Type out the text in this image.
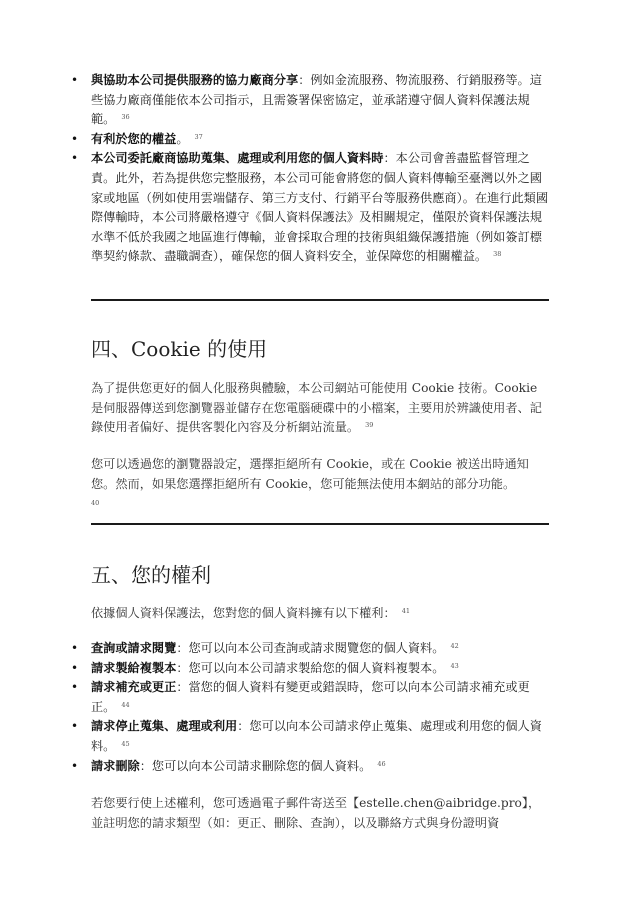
• 與協助本公司提供服務的協力廠商分享：例如金流服務、物流服務、行銷服務等。這些協力廠商僅能依本公司指示，且需簽署保密協定，並承諾遵守個人資料保護法規範。 $^{36}$
• 有利於您的權益。 $^{37}$
• 本公司委託廠商協助蒐集、處理或利用您的個人資料時：本公司會善盡監督管理之責。此外，若為提供您完整服務，本公司可能會將您的個人資料傳輸至臺灣以外之國家或地區（例如使用雲端儲存、第三方支付、行銷平台等服務供應商）。在進行此類國際傳輸時，本公司將嚴格遵守《個人資料保護法》及相關規定，僅限於資料保護法規水準不低於我國之地區進行傳輸，並會採取合理的技術與組織保護措施（例如簽訂標準契約條款、盡職調查），確保您的個人資料安全，並保障您的相關權益。 $^{38}$
四、Cookie 的使用

為了提供您更好的個人化服務與體驗，本公司網站可能使用 Cookie 技術。Cookie 是伺服器傳送到您瀏覽器並儲存在您電腦硬碟中的小檔案，主要用於辨識使用者、記錄使用者偏好、提供客製化內容及分析網站流量。 $^{39}$

您可以透過您的瀏覽器設定，選擇拒絕所有 Cookie，或在 Cookie 被送出時通知您。然而，如果您選擇拒絕所有 Cookie，您可能無法使用本網站的部分功能。
40

五、您的權利

依據個人資料保護法，您對您的個人資料擁有以下權利： $^{41}$

• 查詢或請求閱覽：您可以向本公司查詢或請求閱覽您的個人資料。 $^{42}$
• 請求製給複製本：您可以向本公司請求製給您的個人資料複製本。 $^{43}$
• 請求補充或更正：當您的個人資料有變更或錯誤時，您可以向本公司請求補充或更正。 $^{44}$
• 請求停止蒐集、處理或利用：您可以向本公司請求停止蒐集、處理或利用您的個人資料。 $^{45}$
• 請求刪除：您可以向本公司請求刪除您的個人資料。 $^{46}$

若您要行使上述權利，您可透過電子郵件寄送至【estelle.chen@aibridge.pro】，並註明您的請求類型（如：更正、刪除、查詢），以及聯絡方式與身份證明資
